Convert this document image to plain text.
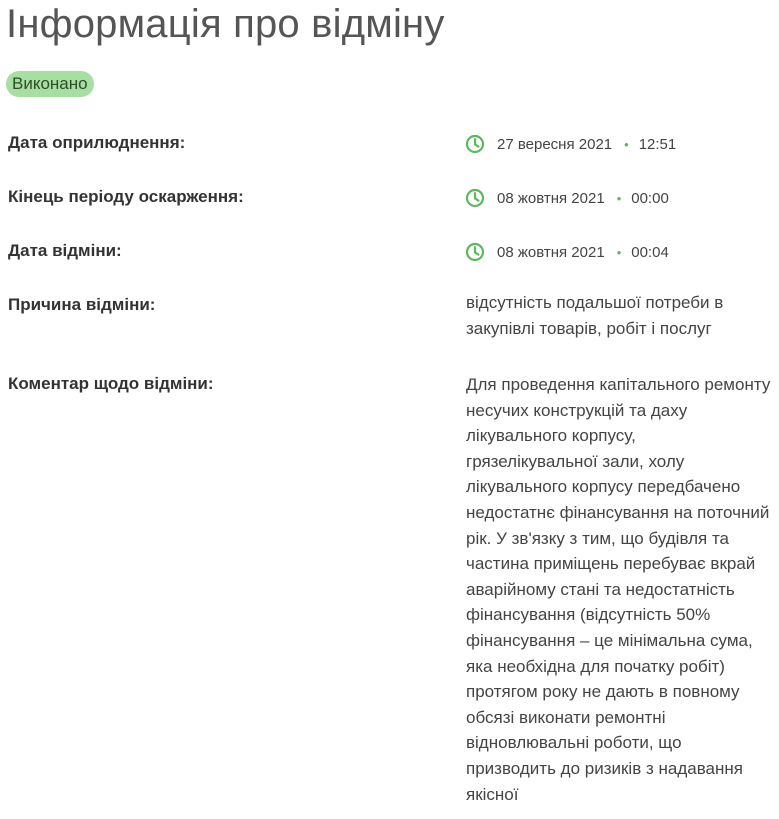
Інформація про відміну
Виконано
Дата оприлюднення:	27 вересня 2021 • 12:51
Кінець періоду оскарження:	08 жовтня 2021 • 00:00
Дата відміни:	08 жовтня 2021 • 00:04
Причина відміни:	відсутність подальшої потреби в закупівлі товарів, робіт і послуг
Коментар щодо відміни:	Для проведення капітального ремонту несучих конструкцій та даху лікувального корпусу, грязелікувальної зали, холу лікувального корпусу передбачено недостатнє фінансування на поточний рік. У зв'язку з тим, що будівля та частина приміщень перебуває вкрай аварійному стані та недостатність фінансування (відсутність 50% фінансування – це мінімальна сума, яка необхідна для початку робіт) протягом року не дають в повному обсязі виконати ремонтні відновлювальні роботи, що призводить до ризиків з надавання якісної
